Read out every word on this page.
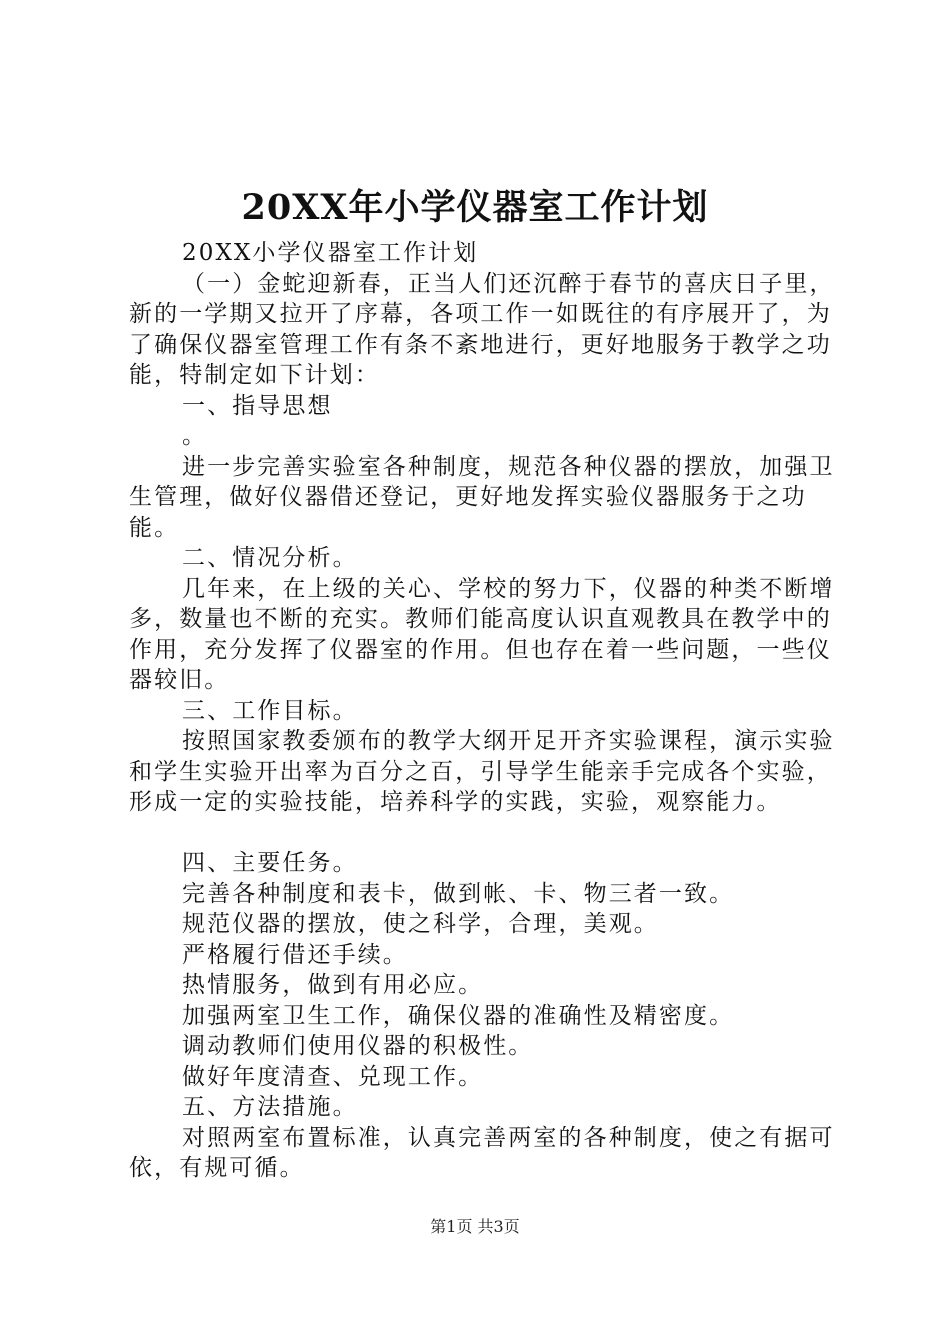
20XX年小学仪器室工作计划

20XX小学仪器室工作计划

（一）金蛇迎新春，正当人们还沉醉于春节的喜庆日子里，新的一学期又拉开了序幕，各项工作一如既往的有序展开了，为了确保仪器室管理工作有条不紊地进行，更好地服务于教学之功能，特制定如下计划：

一、指导思想

。

进一步完善实验室各种制度，规范各种仪器的摆放，加强卫生管理，做好仪器借还登记，更好地发挥实验仪器服务于之功能。

二、情况分析。

几年来，在上级的关心、学校的努力下，仪器的种类不断增多，数量也不断的充实。教师们能高度认识直观教具在教学中的作用，充分发挥了仪器室的作用。但也存在着一些问题，一些仪器较旧。

三、工作目标。

按照国家教委颁布的教学大纲开足开齐实验课程，演示实验和学生实验开出率为百分之百，引导学生能亲手完成各个实验，形成一定的实验技能，培养科学的实践，实验，观察能力。

四、主要任务。

完善各种制度和表卡，做到帐、卡、物三者一致。

规范仪器的摆放，使之科学，合理，美观。

严格履行借还手续。

热情服务，做到有用必应。

加强两室卫生工作，确保仪器的准确性及精密度。

调动教师们使用仪器的积极性。

做好年度清查、兑现工作。

五、方法措施。

对照两室布置标准，认真完善两室的各种制度，使之有据可依，有规可循。

第1页 共3页
